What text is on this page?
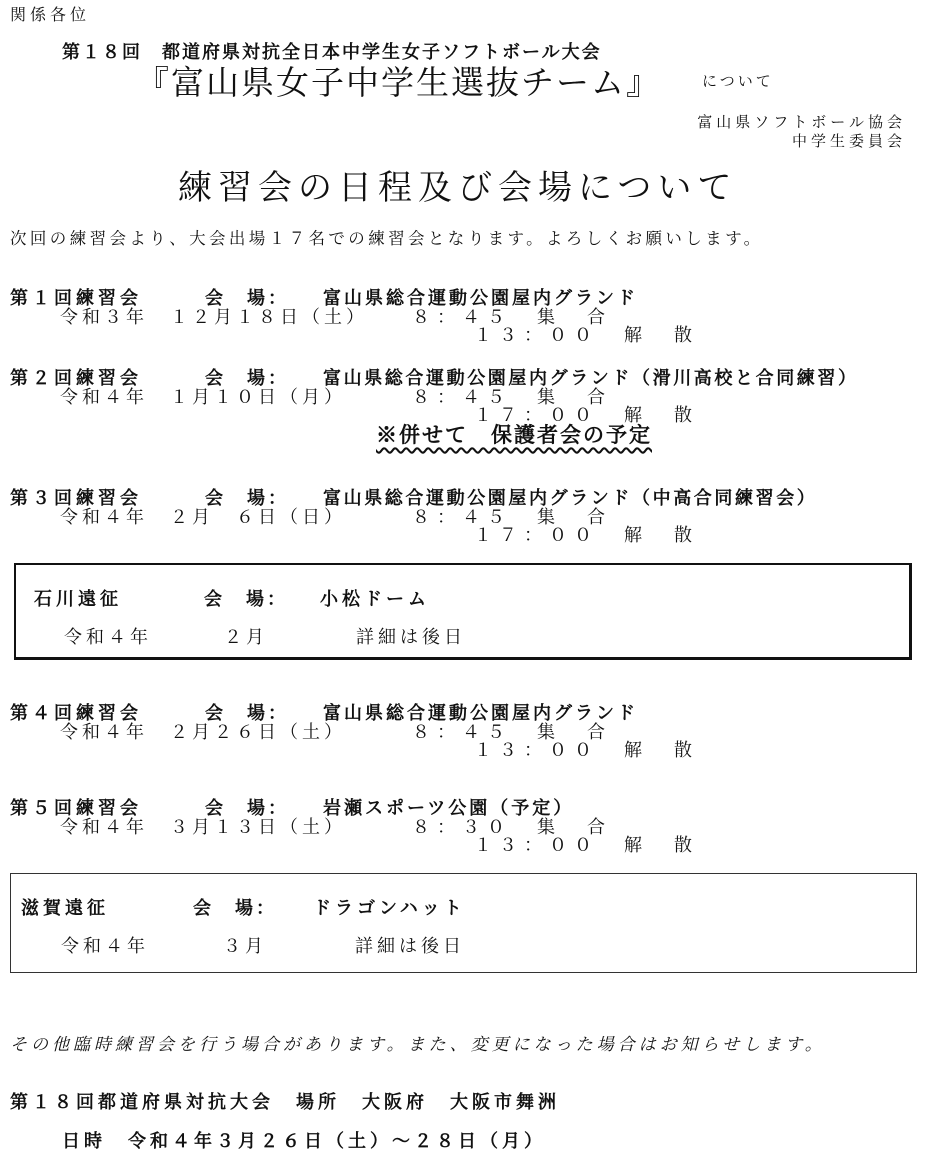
関係各位
第１８回　都道府県対抗全日本中学生女子ソフトボール大会
『富山県女子中学生選抜チーム』	について
富山県ソフトボール協会
中学生委員会
練習会の日程及び会場について
次回の練習会より、大会出場１７名での練習会となります。よろしくお願いします。
第１回練習会	会　場： 富山県総合運動公園屋内グランド
令和３年　１２月１８日（土） ８：４５　集　合
１３：００　解　散
第２回練習会	会　場： 富山県総合運動公園屋内グランド（滑川高校と合同練習）
令和４年　１月１０日（月）	８：４５　集　合
１７：００　解　散
※併せて　保護者会の予定
第３回練習会	会　場： 富山県総合運動公園屋内グランド（中高合同練習会）
令和４年　２月　６日（日）	８：４５　集　合
１７：００　解　散
石川遠征	会　場： 小松ドーム
令和４年	２月	詳細は後日
第４回練習会	会　場： 富山県総合運動公園屋内グランド
令和４年　２月２６日（土）	８：４５　集　合
１３：００　解　散
第５回練習会	会　場： 岩瀬スポーツ公園（予定）
令和４年　３月１３日（土）	８：３０　集　合
１３：００　解　散
滋賀遠征	会　場： ドラゴンハット
令和４年	３月	詳細は後日
その他臨時練習会を行う場合があります。また、変更になった場合はお知らせします。
第１８回都道府県対抗大会　場所　大阪府　大阪市舞洲
日時　令和４年３月２６日（土）～２８日（月）
